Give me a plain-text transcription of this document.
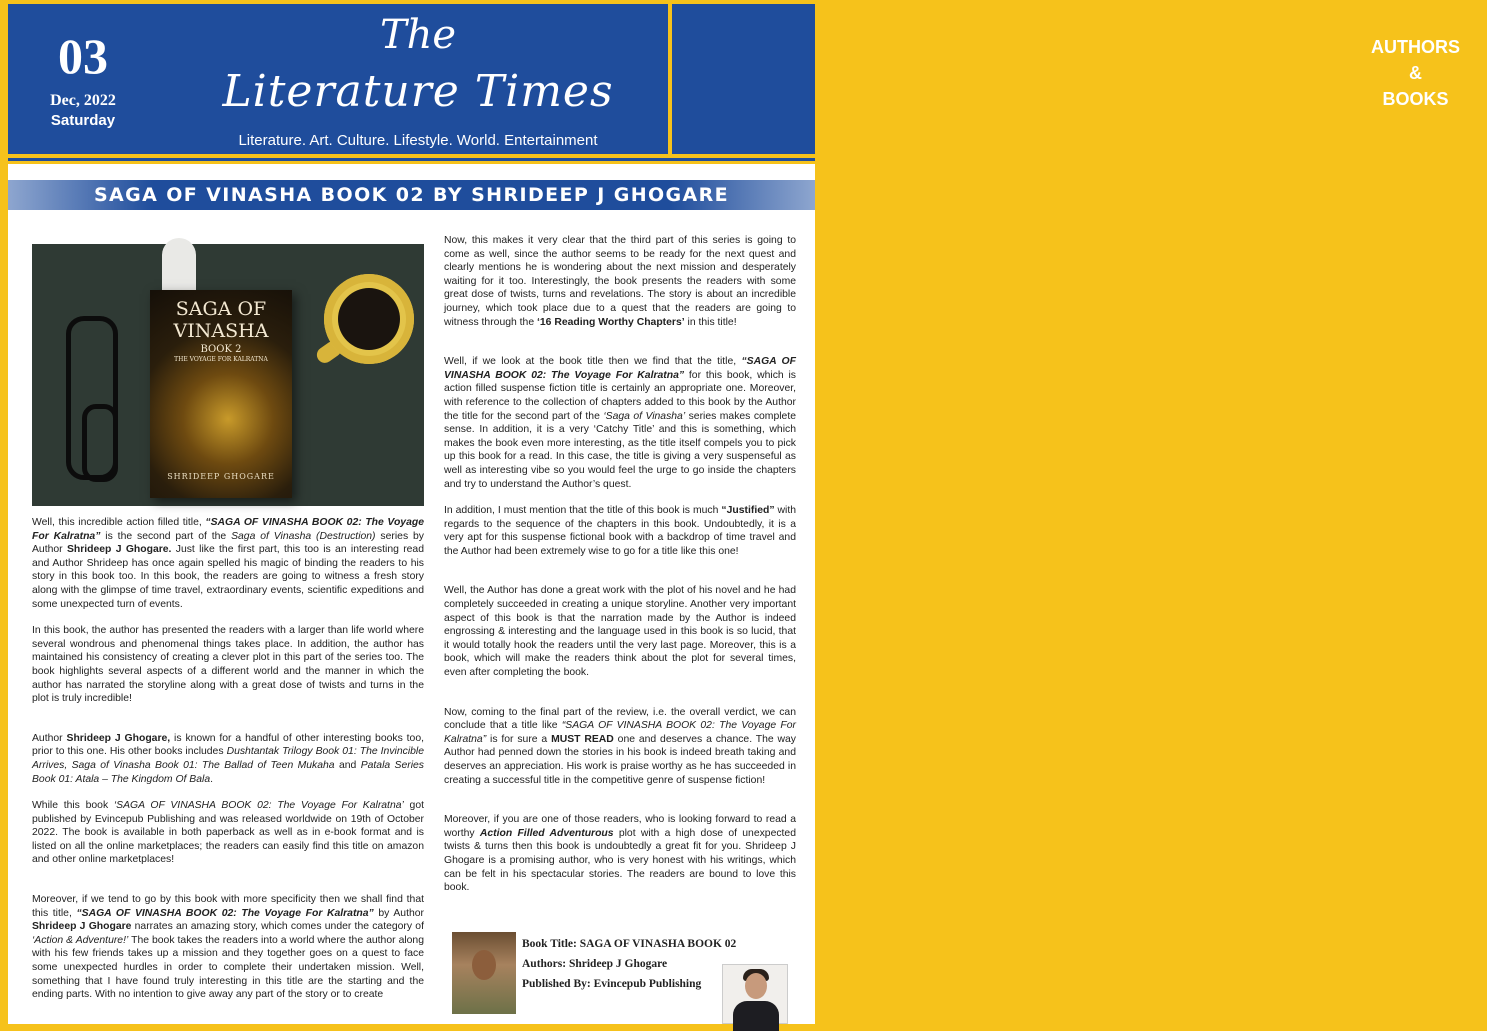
03
Dec, 2022
Saturday
The
Literature Times
Literature. Art. Culture. Lifestyle. World. Entertainment
AUTHORS
&
BOOKS
SAGA OF VINASHA BOOK 02 BY SHRIDEEP J GHOGARE
SAGA OF
VINASHA
BOOK 2
THE VOYAGE FOR KALRATNA
SHRIDEEP GHOGARE

Well, this incredible action filled title, “SAGA OF VINASHA BOOK 02: The Voyage For Kalratna” is the second part of the Saga of Vinasha (Destruction) series by Author Shrideep J Ghogare. Just like the first part, this too is an interesting read and Author Shrideep has once again spelled his magic of binding the readers to his story in this book too. In this book, the readers are going to witness a fresh story along with the glimpse of time travel, extraordinary events, scientific expeditions and some unexpected turn of events.

In this book, the author has presented the readers with a larger than life world where several wondrous and phenomenal things takes place. In addition, the author has maintained his consistency of creating a clever plot in this part of the series too. The book highlights several aspects of a different world and the manner in which the author has narrated the storyline along with a great dose of twists and turns in the plot is truly incredible!

Author Shrideep J Ghogare, is known for a handful of other interesting books too, prior to this one. His other books includes Dushtantak Trilogy Book 01: The Invincible Arrives, Saga of Vinasha Book 01: The Ballad of Teen Mukaha and Patala Series Book 01: Atala – The Kingdom Of Bala.

While this book ‘SAGA OF VINASHA BOOK 02: The Voyage For Kalratna’ got published by Evincepub Publishing and was released worldwide on 19th of October 2022. The book is available in both paperback as well as in e-book format and is listed on all the online marketplaces; the readers can easily find this title on amazon and other online marketplaces!

Moreover, if we tend to go by this book with more specificity then we shall find that this title, “SAGA OF VINASHA BOOK 02: The Voyage For Kalratna” by Author Shrideep J Ghogare narrates an amazing story, which comes under the category of ‘Action & Adventure!’ The book takes the readers into a world where the author along with his few friends takes up a mission and they together goes on a quest to face some unexpected hurdles in order to complete their undertaken mission. Well, something that I have found truly interesting in this title are the starting and the ending parts. With no intention to give away any part of the story or to create

Now, this makes it very clear that the third part of this series is going to come as well, since the author seems to be ready for the next quest and clearly mentions he is wondering about the next mission and desperately waiting for it too. Interestingly, the book presents the readers with some great dose of twists, turns and revelations. The story is about an incredible journey, which took place due to a quest that the readers are going to witness through the ‘16 Reading Worthy Chapters’ in this title!

Well, if we look at the book title then we find that the title, “SAGA OF VINASHA BOOK 02: The Voyage For Kalratna” for this book, which is action filled suspense fiction title is certainly an appropriate one. Moreover, with reference to the collection of chapters added to this book by the Author the title for the second part of the ‘Saga of Vinasha’ series makes complete sense. In addition, it is a very ‘Catchy Title’ and this is something, which makes the book even more interesting, as the title itself compels you to pick up this book for a read. In this case, the title is giving a very suspenseful as well as interesting vibe so you would feel the urge to go inside the chapters and try to understand the Author’s quest.

In addition, I must mention that the title of this book is much “Justified” with regards to the sequence of the chapters in this book. Undoubtedly, it is a very apt for this suspense fictional book with a backdrop of time travel and the Author had been extremely wise to go for a title like this one!

Well, the Author has done a great work with the plot of his novel and he had completely succeeded in creating a unique storyline. Another very important aspect of this book is that the narration made by the Author is indeed engrossing & interesting and the language used in this book is so lucid, that it would totally hook the readers until the very last page. Moreover, this is a book, which will make the readers think about the plot for several times, even after completing the book.

Now, coming to the final part of the review, i.e. the overall verdict, we can conclude that a title like “SAGA OF VINASHA BOOK 02: The Voyage For Kalratna” is for sure a MUST READ one and deserves a chance. The way Author had penned down the stories in his book is indeed breath taking and deserves an appreciation. His work is praise worthy as he has succeeded in creating a successful title in the competitive genre of suspense fiction!

Moreover, if you are one of those readers, who is looking forward to read a worthy Action Filled Adventurous plot with a high dose of unexpected twists & turns then this book is undoubtedly a great fit for you. Shrideep J Ghogare is a promising author, who is very honest with his writings, which can be felt in his spectacular stories. The readers are bound to love this book.

Book Title: SAGA OF VINASHA BOOK 02
Authors: Shrideep J Ghogare
Published By: Evincepub Publishing
